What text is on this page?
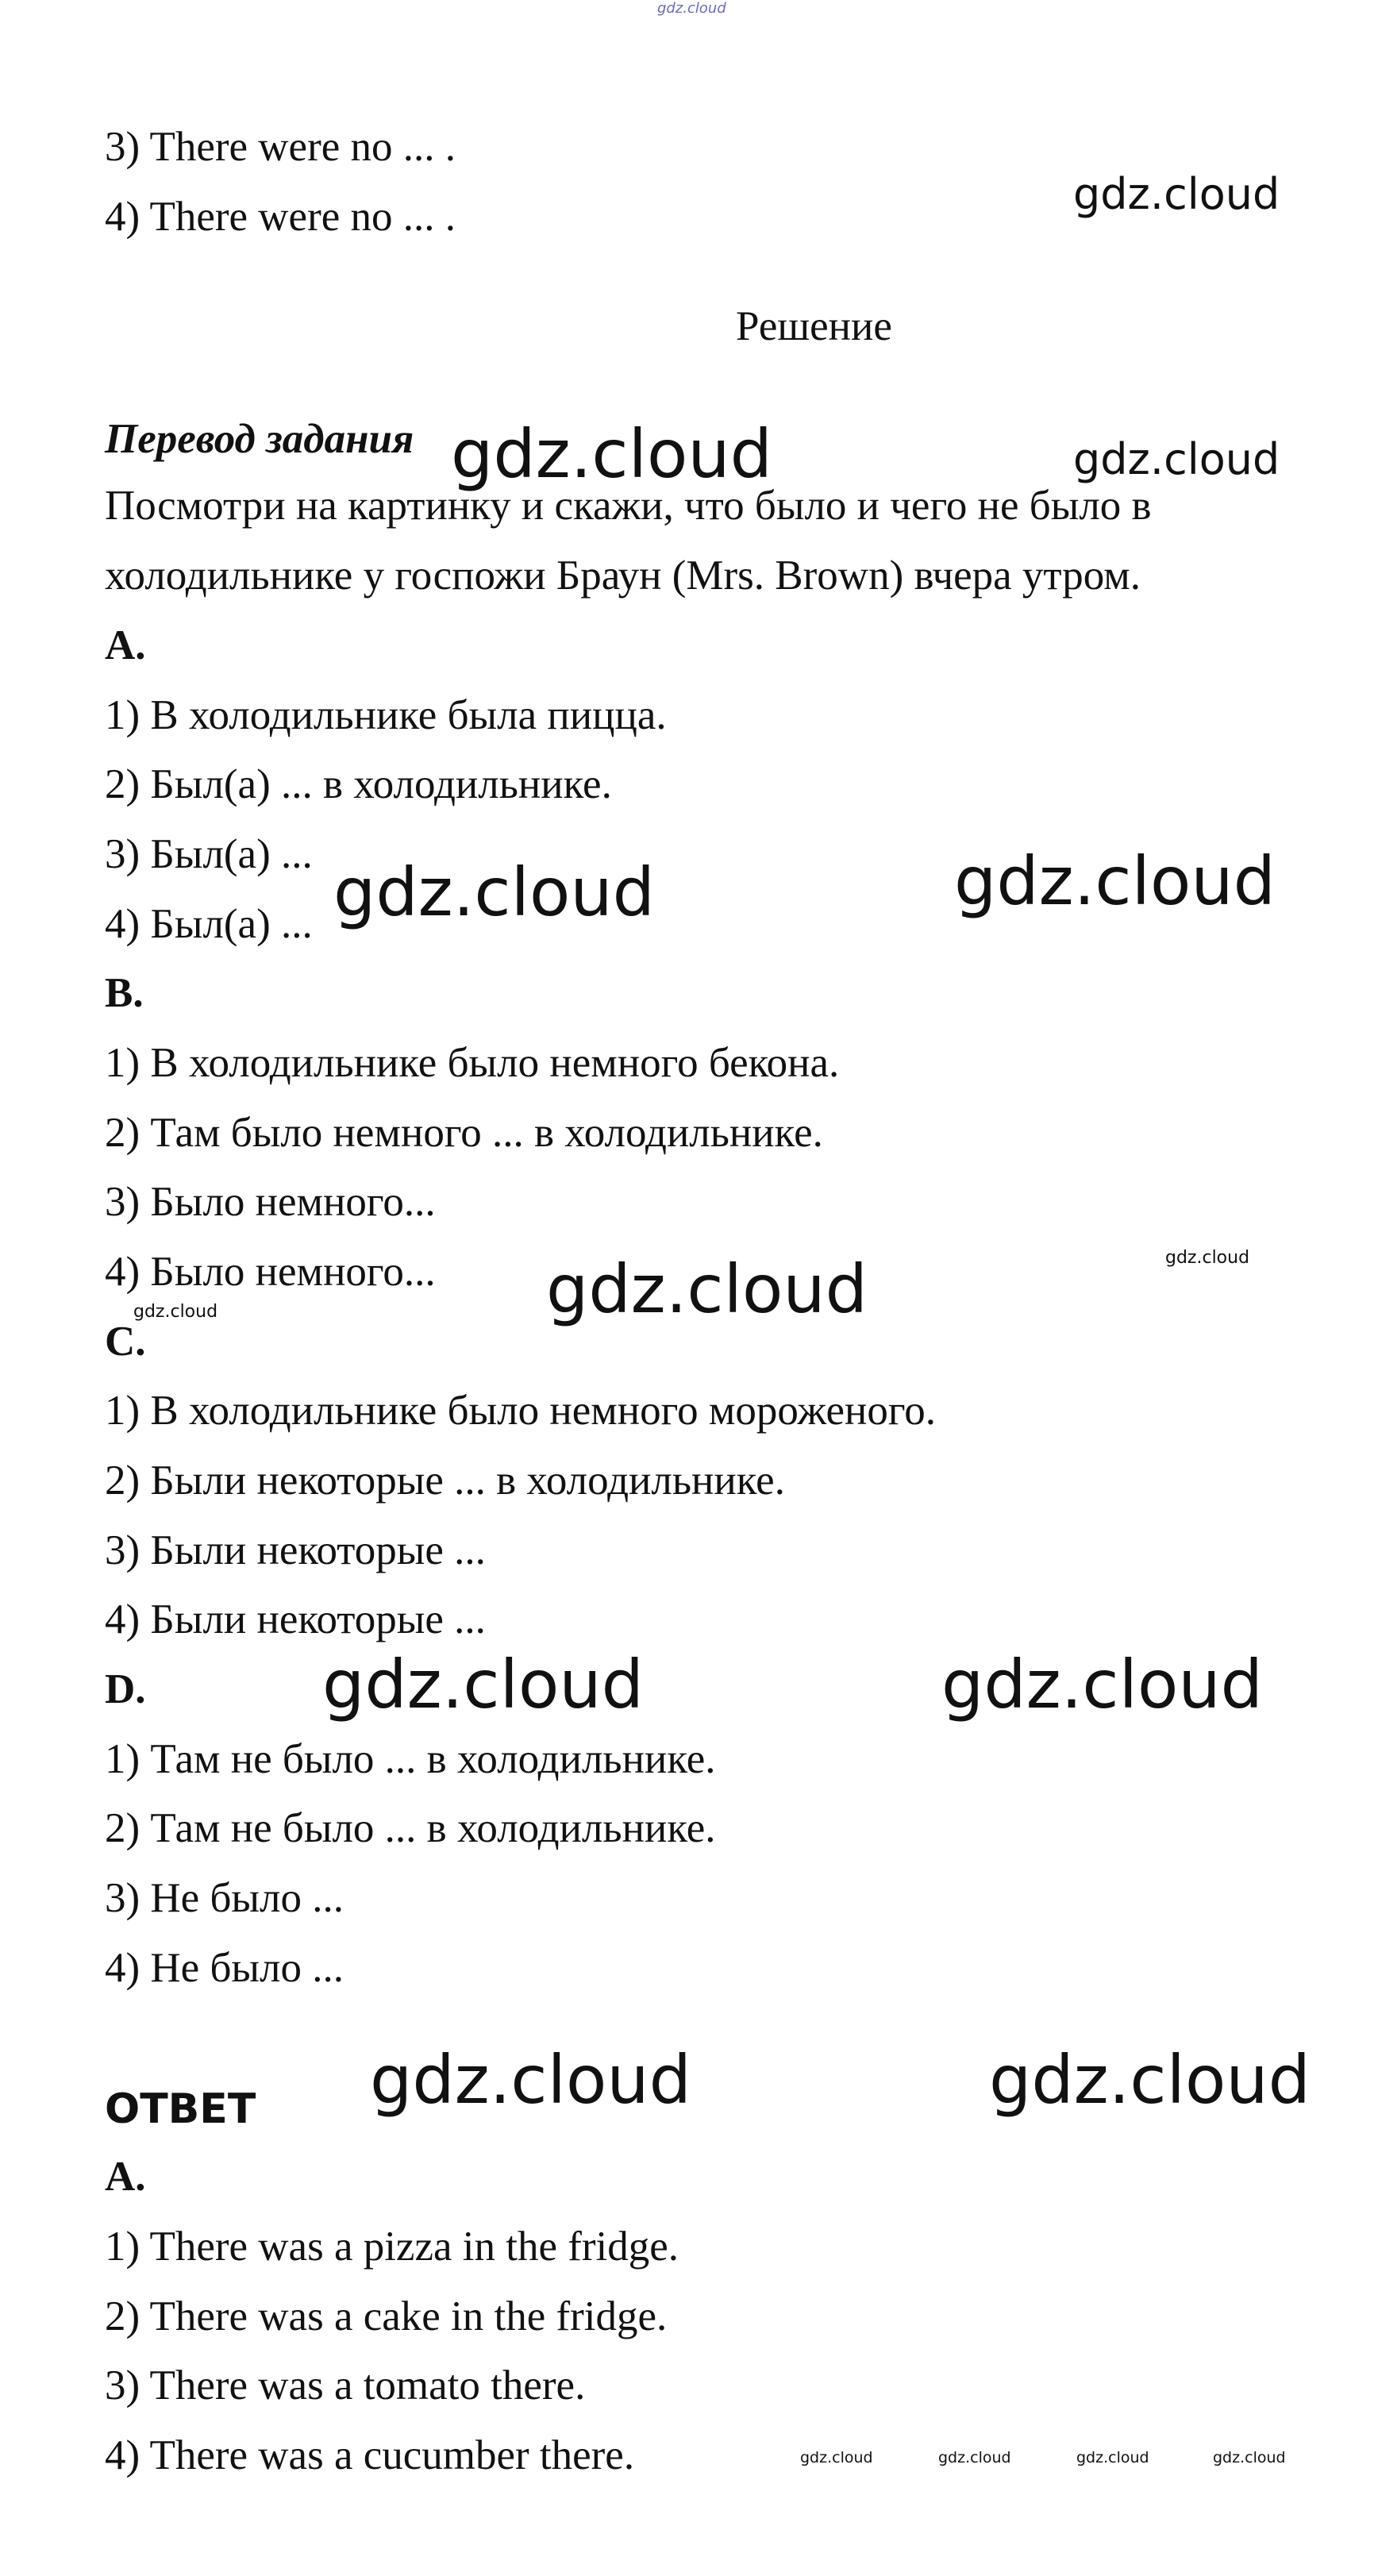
gdz.cloud
3) There were no ... .
4) There were no ... .
Решение
Перевод задания
Посмотри на картинку и скажи, что было и чего не было в
холодильнике у госпожи Браун (Mrs. Brown) вчера утром.
A.
1) В холодильнике была пицца.
2) Был(а) ... в холодильнике.
3) Был(а) ...
4) Был(а) ...
B.
1) В холодильнике было немного бекона.
2) Там было немного ... в холодильнике.
3) Было немного...
4) Было немного...
C.
1) В холодильнике было немного мороженого.
2) Были некоторые ... в холодильнике.
3) Были некоторые ...
4) Были некоторые ...
D.
1) Там не было ... в холодильнике.
2) Там не было ... в холодильнике.
3) Не было ...
4) Не было ...
ОТВЕТ
A.
1) There was a pizza in the fridge.
2) There was a cake in the fridge.
3) There was a tomato there.
4) There was a cucumber there.
gdz.cloud
gdz.cloud	gdz.cloud
gdz.cloud	gdz.cloud
gdz.cloud
gdz.cloud
gdz.cloud
gdz.cloud	gdz.cloud
gdz.cloud	gdz.cloud
gdz.cloud	gdz.cloud	gdz.cloud	gdz.cloud
